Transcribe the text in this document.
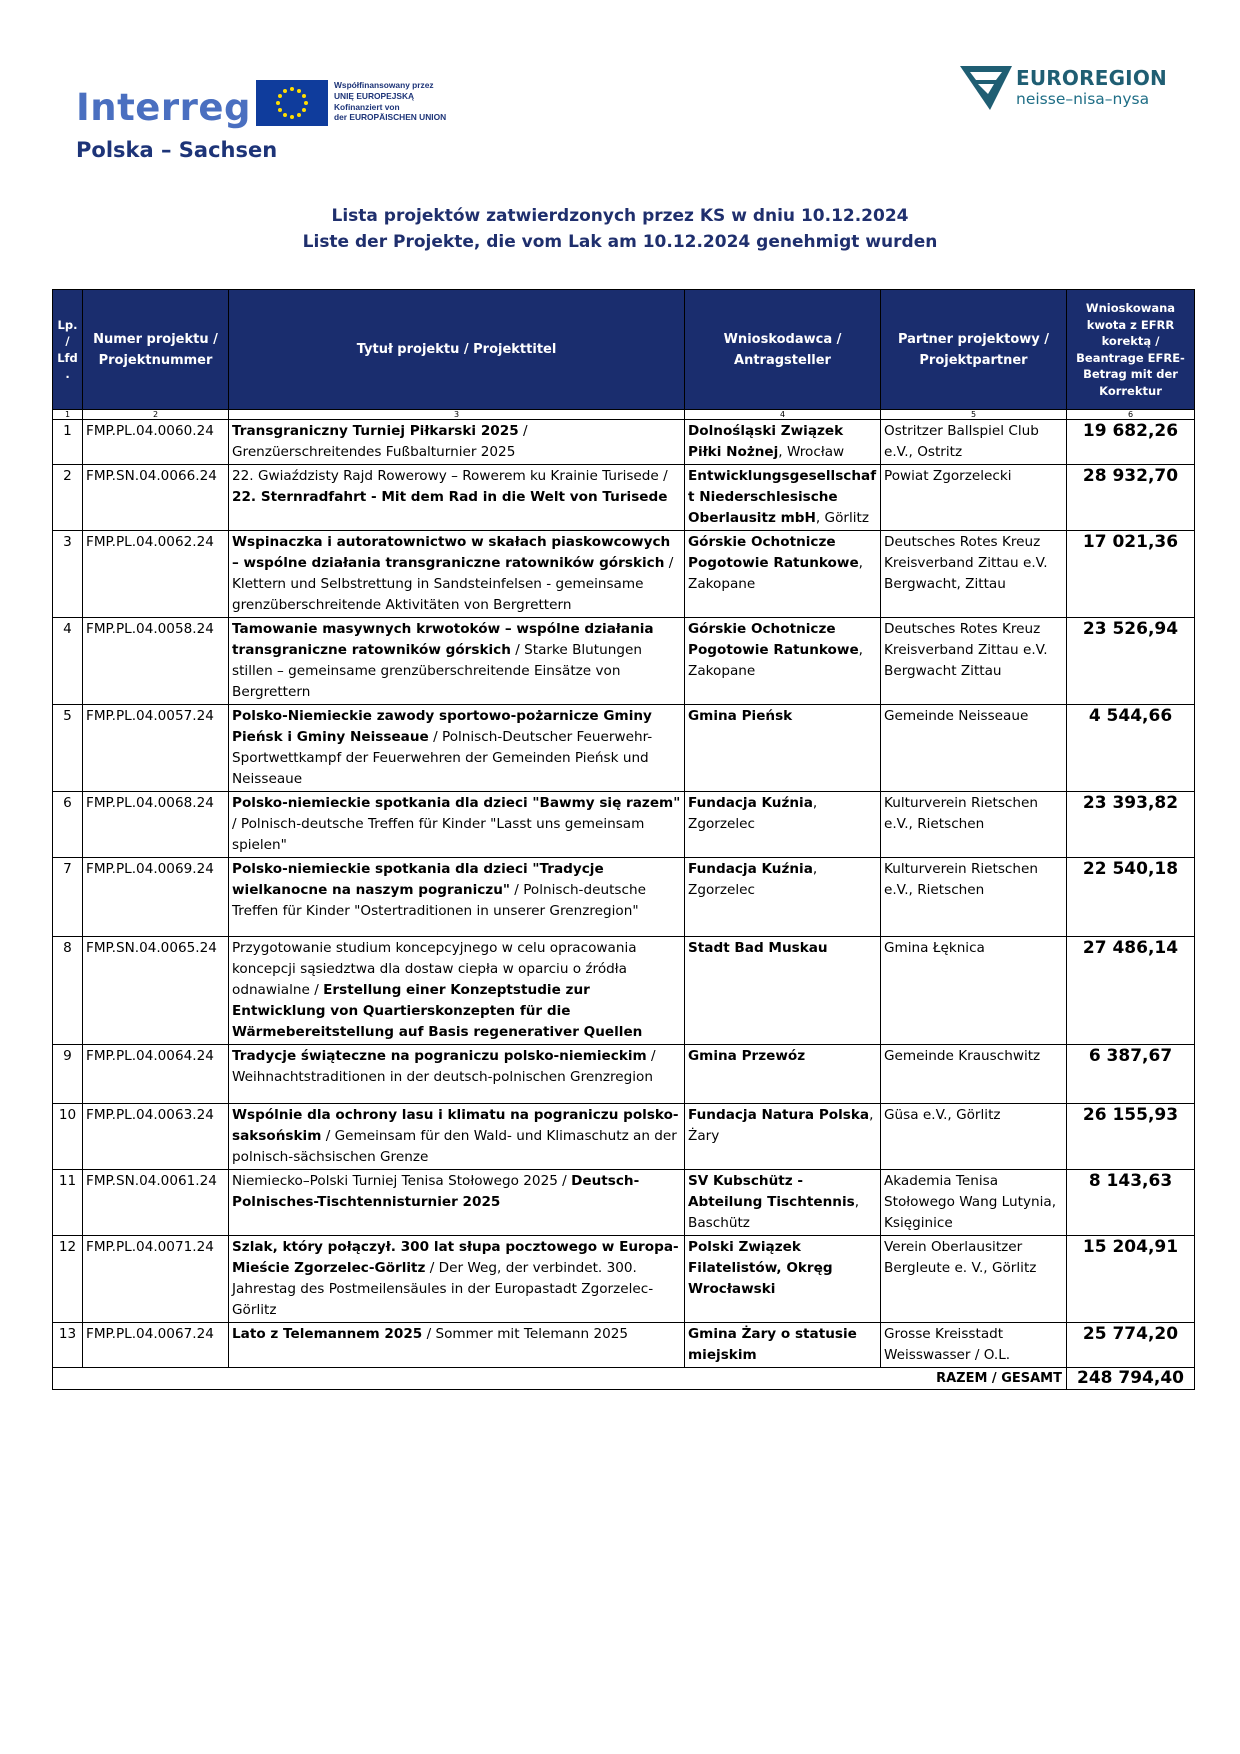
Interreg
Polska – Sachsen
Współfinansowany przez
UNIĘ EUROPEJSKĄ
Kofinanziert von
der EUROPÄISCHEN UNION
EUROREGION
neisse–nisa–nysa
Lista projektów zatwierdzonych przez KS w dniu 10.12.2024
Liste der Projekte, die vom Lak am 10.12.2024 genehmigt wurden
Lp. / Lfd.	Numer projektu / Projektnummer	Tytuł projektu / Projekttitel	Wnioskodawca / Antragsteller	Partner projektowy / Projektpartner	Wnioskowana kwota z EFRR korektą / Beantrage EFRE-Betrag mit der Korrektur
1	2	3	4	5	6
1	FMP.PL.04.0060.24	Transgraniczny Turniej Piłkarski 2025 / Grenzüerschreitendes Fußbalturnier 2025	Dolnośląski Związek Piłki Nożnej, Wrocław	Ostritzer Ballspiel Club e.V., Ostritz	19 682,26
2	FMP.SN.04.0066.24	22. Gwiaździsty Rajd Rowerowy – Rowerem ku Krainie Turisede / 22. Sternradfahrt - Mit dem Rad in die Welt von Turisede	Entwicklungsgesellschaft Niederschlesische Oberlausitz mbH, Görlitz	Powiat Zgorzelecki	28 932,70
3	FMP.PL.04.0062.24	Wspinaczka i autoratownictwo w skałach piaskowcowych – wspólne działania transgraniczne ratowników górskich / Klettern und Selbstrettung in Sandsteinfelsen - gemeinsame grenzüberschreitende Aktivitäten von Bergrettern	Górskie Ochotnicze Pogotowie Ratunkowe, Zakopane	Deutsches Rotes Kreuz Kreisverband Zittau e.V. Bergwacht, Zittau	17 021,36
4	FMP.PL.04.0058.24	Tamowanie masywnych krwotoków – wspólne działania transgraniczne ratowników górskich / Starke Blutungen stillen – gemeinsame grenzüberschreitende Einsätze von Bergrettern	Górskie Ochotnicze Pogotowie Ratunkowe, Zakopane	Deutsches Rotes Kreuz Kreisverband Zittau e.V. Bergwacht Zittau	23 526,94
5	FMP.PL.04.0057.24	Polsko-Niemieckie zawody sportowo-pożarnicze Gminy Pieńsk i Gminy Neisseaue / Polnisch-Deutscher Feuerwehr-Sportwettkampf der Feuerwehren der Gemeinden Pieńsk und Neisseaue	Gmina Pieńsk	Gemeinde Neisseaue	4 544,66
6	FMP.PL.04.0068.24	Polsko-niemieckie spotkania dla dzieci "Bawmy się razem" / Polnisch-deutsche Treffen für Kinder "Lasst uns gemeinsam spielen"	Fundacja Kuźnia, Zgorzelec	Kulturverein Rietschen e.V., Rietschen	23 393,82
7	FMP.PL.04.0069.24	Polsko-niemieckie spotkania dla dzieci "Tradycje wielkanocne na naszym pograniczu" / Polnisch-deutsche Treffen für Kinder "Ostertraditionen in unserer Grenzregion"	Fundacja Kuźnia, Zgorzelec	Kulturverein Rietschen e.V., Rietschen	22 540,18
8	FMP.SN.04.0065.24	Przygotowanie studium koncepcyjnego w celu opracowania koncepcji sąsiedztwa dla dostaw ciepła w oparciu o źródła odnawialne / Erstellung einer Konzeptstudie zur Entwicklung von Quartierskonzepten für die Wärmebereitstellung auf Basis regenerativer Quellen	Stadt Bad Muskau	Gmina Łęknica	27 486,14
9	FMP.PL.04.0064.24	Tradycje świąteczne na pograniczu polsko-niemieckim / Weihnachtstraditionen in der deutsch-polnischen Grenzregion	Gmina Przewóz	Gemeinde Krauschwitz	6 387,67
10	FMP.PL.04.0063.24	Wspólnie dla ochrony lasu i klimatu na pograniczu polsko-saksońskim / Gemeinsam für den Wald- und Klimaschutz an der polnisch-sächsischen Grenze	Fundacja Natura Polska, Żary	Güsa e.V., Görlitz	26 155,93
11	FMP.SN.04.0061.24	Niemiecko–Polski Turniej Tenisa Stołowego 2025 / Deutsch-Polnisches-Tischtennisturnier 2025	SV Kubschütz - Abteilung Tischtennis, Baschütz	Akademia Tenisa Stołowego Wang Lutynia, Księginice	8 143,63
12	FMP.PL.04.0071.24	Szlak, który połączył. 300 lat słupa pocztowego w Europa-Mieście Zgorzelec-Görlitz / Der Weg, der verbindet. 300. Jahrestag des Postmeilensäules in der Europastadt Zgorzelec-Görlitz	Polski Związek Filatelistów, Okręg Wrocławski	Verein Oberlausitzer Bergleute e. V., Görlitz	15 204,91
13	FMP.PL.04.0067.24	Lato z Telemannem 2025 / Sommer mit Telemann 2025	Gmina Żary o statusie miejskim	Grosse Kreisstadt Weisswasser / O.L.	25 774,20

RAZEM / GESAMT					248 794,40
